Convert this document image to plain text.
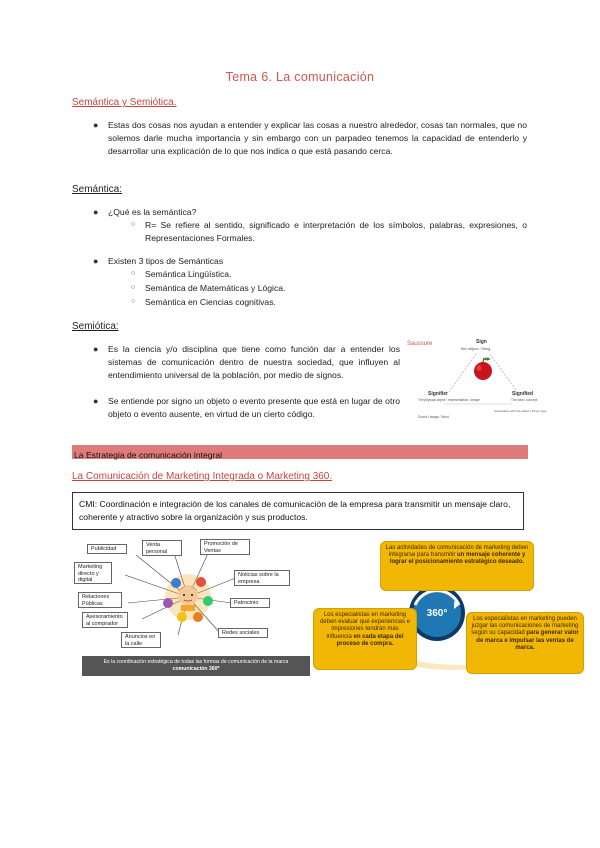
Tema 6. La comunicación
Semántica y Semiótica.
● Estas dos cosas nos ayudan a entender y explicar las cosas a nuestro alrededor, cosas tan normales, que no solemos darle mucha importancia y sin embargo con un parpadeo tenemos la capacidad de entenderlo y desarrollar una explicación de lo que nos indica o que está pasando cerca.
Semántica:
● ¿Qué es la semántica?
○ R= Se refiere al sentido, significado e interpretación de los símbolos, palabras, expresiones, o Representaciones Formales.
● Existen 3 tipos de Semánticas
○ Semántica Lingüística.
○ Semántica de Matemáticas y Lógica.
○ Semántica en Ciencias cognitivas.
Semiótica:
● Es la ciencia y/o disciplina que tiene como función dar a entender los sistemas de comunicación dentro de nuestra sociedad, que influyen al entendimiento universal de la población, por medio de signos.
● Se entiende por signo un objeto o evento presente que está en lugar de otro objeto o evento ausente, en virtud de un cierto código.
Saussure	Sign
the object / thing
Signifier
The physical object / representation / image
Signified
The idea / concept
Sound / image / Word
Association with the object / thing / sign
La Estrategia de comunicación integral
La Comunicación de Marketing Integrada o Marketing 360.
CMI: Coordinación e integración de los canales de comunicación de la empresa para transmitir un mensaje claro, coherente y atractivo sobre la organización y sus productos.
Publicidad
Venta personal
Promoción de Ventas
Marketing directo y digital
Noticias sobre la empresa
Relaciones Públicas	Patrocinio
Asesoramiento al comprador
Anuncios en la calle
Redes sociales
Es la coordinación estratégica de todas las formas de comunicación de la marca
comunicación 360º
360°
Las actividades de comunicación de marketing deben integrarse para transmitir un mensaje coherente y lograr el posicionamiento estratégico deseado.
Los especialistas en marketing deben evaluar qué experiencias e impresiones tendrán más influencia en cada etapa del proceso de compra.
Los especialistas en marketing pueden juzgar las comunicaciones de marketing según su capacidad para generar valor de marca e impulsar las ventas de marca.
